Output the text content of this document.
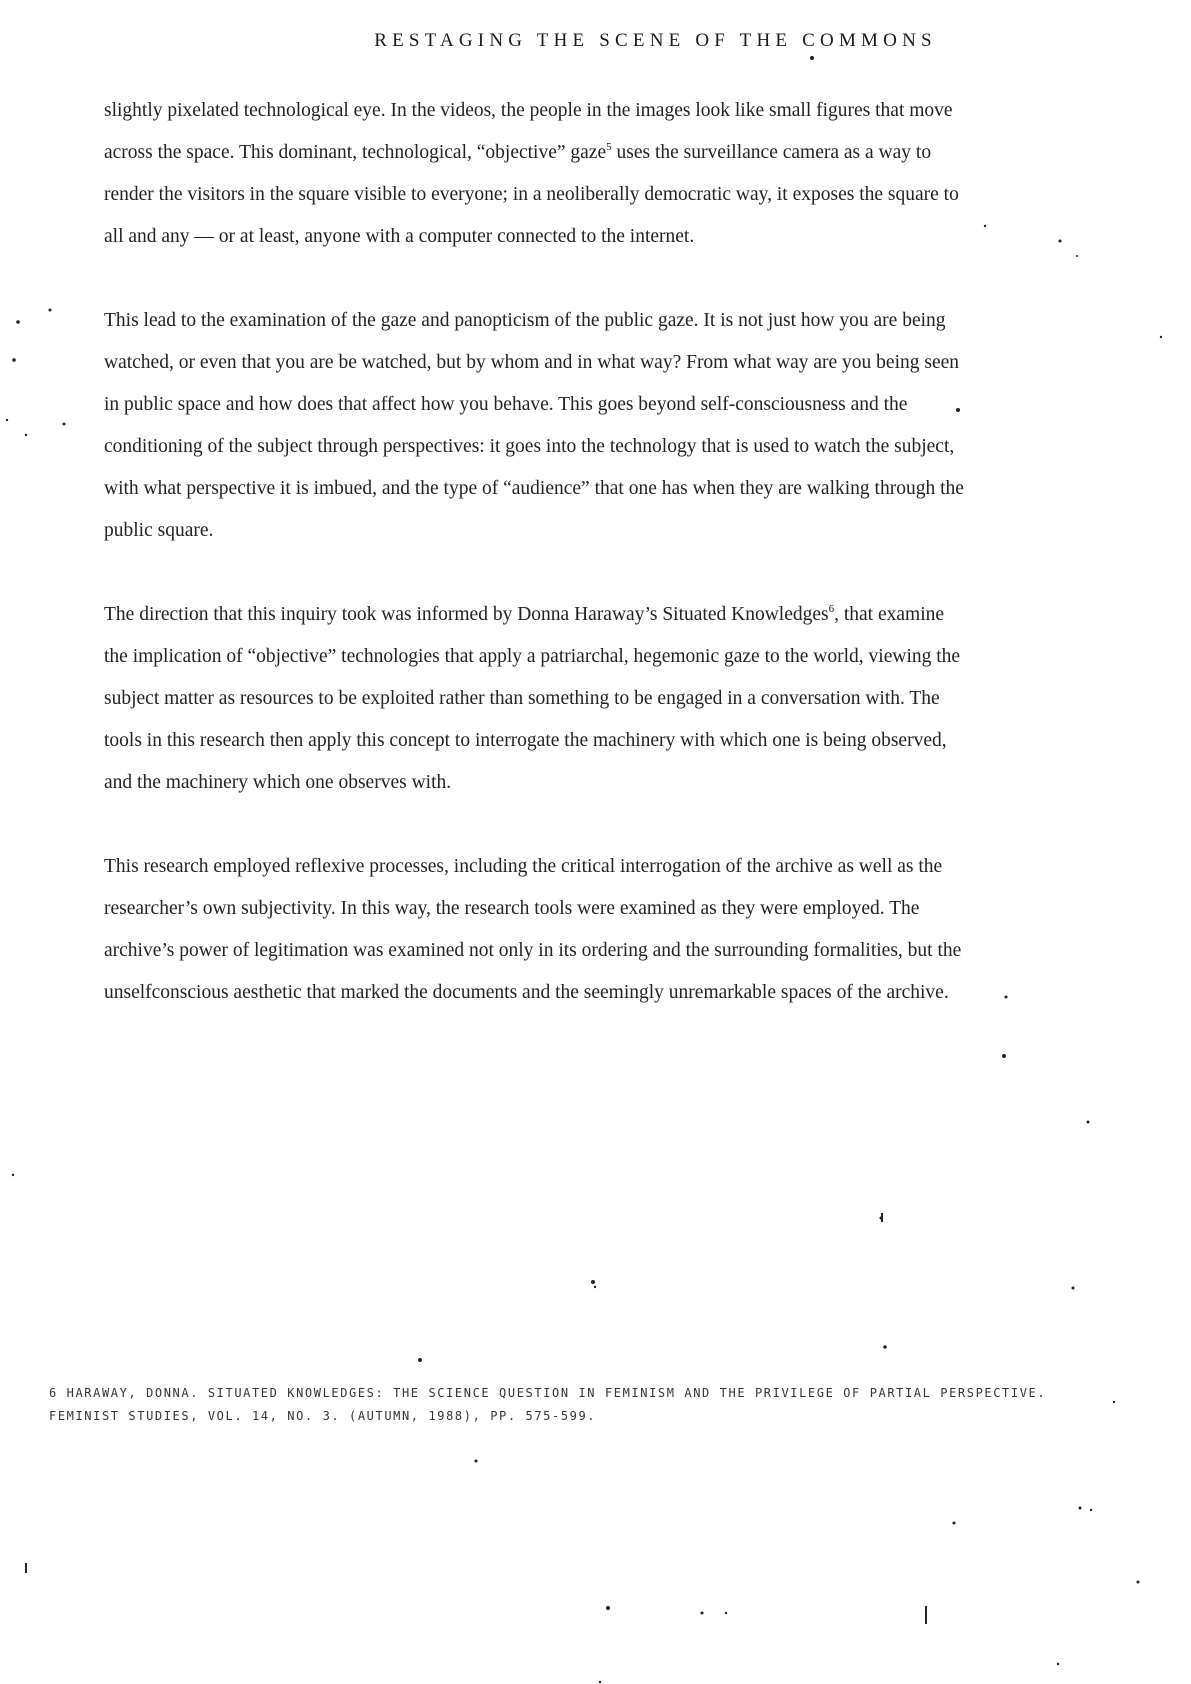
RESTAGING THE SCENE OF THE COMMONS

slightly pixelated technological eye. In the videos, the people in the images look like small figures that move across the space. This dominant, technological, “objective” gaze$^5$ uses the surveillance camera as a way to render the visitors in the square visible to everyone; in a neoliberally democratic way, it exposes the square to all and any — or at least, anyone with a computer connected to the internet.

This lead to the examination of the gaze and panopticism of the public gaze. It is not just how you are being watched, or even that you are be watched, but by whom and in what way? From what way are you being seen in public space and how does that affect how you behave. This goes beyond self-consciousness and the conditioning of the subject through perspectives: it goes into the technology that is used to watch the subject, with what perspective it is imbued, and the type of “audience” that one has when they are walking through the public square.

The direction that this inquiry took was informed by Donna Haraway’s Situated Knowledges$^6$, that examine the implication of “objective” technologies that apply a patriarchal, hegemonic gaze to the world, viewing the subject matter as resources to be exploited rather than something to be engaged in a conversation with. The tools in this research then apply this concept to interrogate the machinery with which one is being observed, and the machinery which one observes with.

This research employed reflexive processes, including the critical interrogation of the archive as well as the researcher’s own subjectivity. In this way, the research tools were examined as they were employed. The archive’s power of legitimation was examined not only in its ordering and the surrounding formalities, but the unselfconscious aesthetic that marked the documents and the seemingly unremarkable spaces of the archive.

6 HARAWAY, DONNA. SITUATED KNOWLEDGES: THE SCIENCE QUESTION IN FEMINISM AND THE PRIVILEGE OF PARTIAL PERSPECTIVE.
FEMINIST STUDIES, VOL. 14, NO. 3. (AUTUMN, 1988), PP. 575-599.
